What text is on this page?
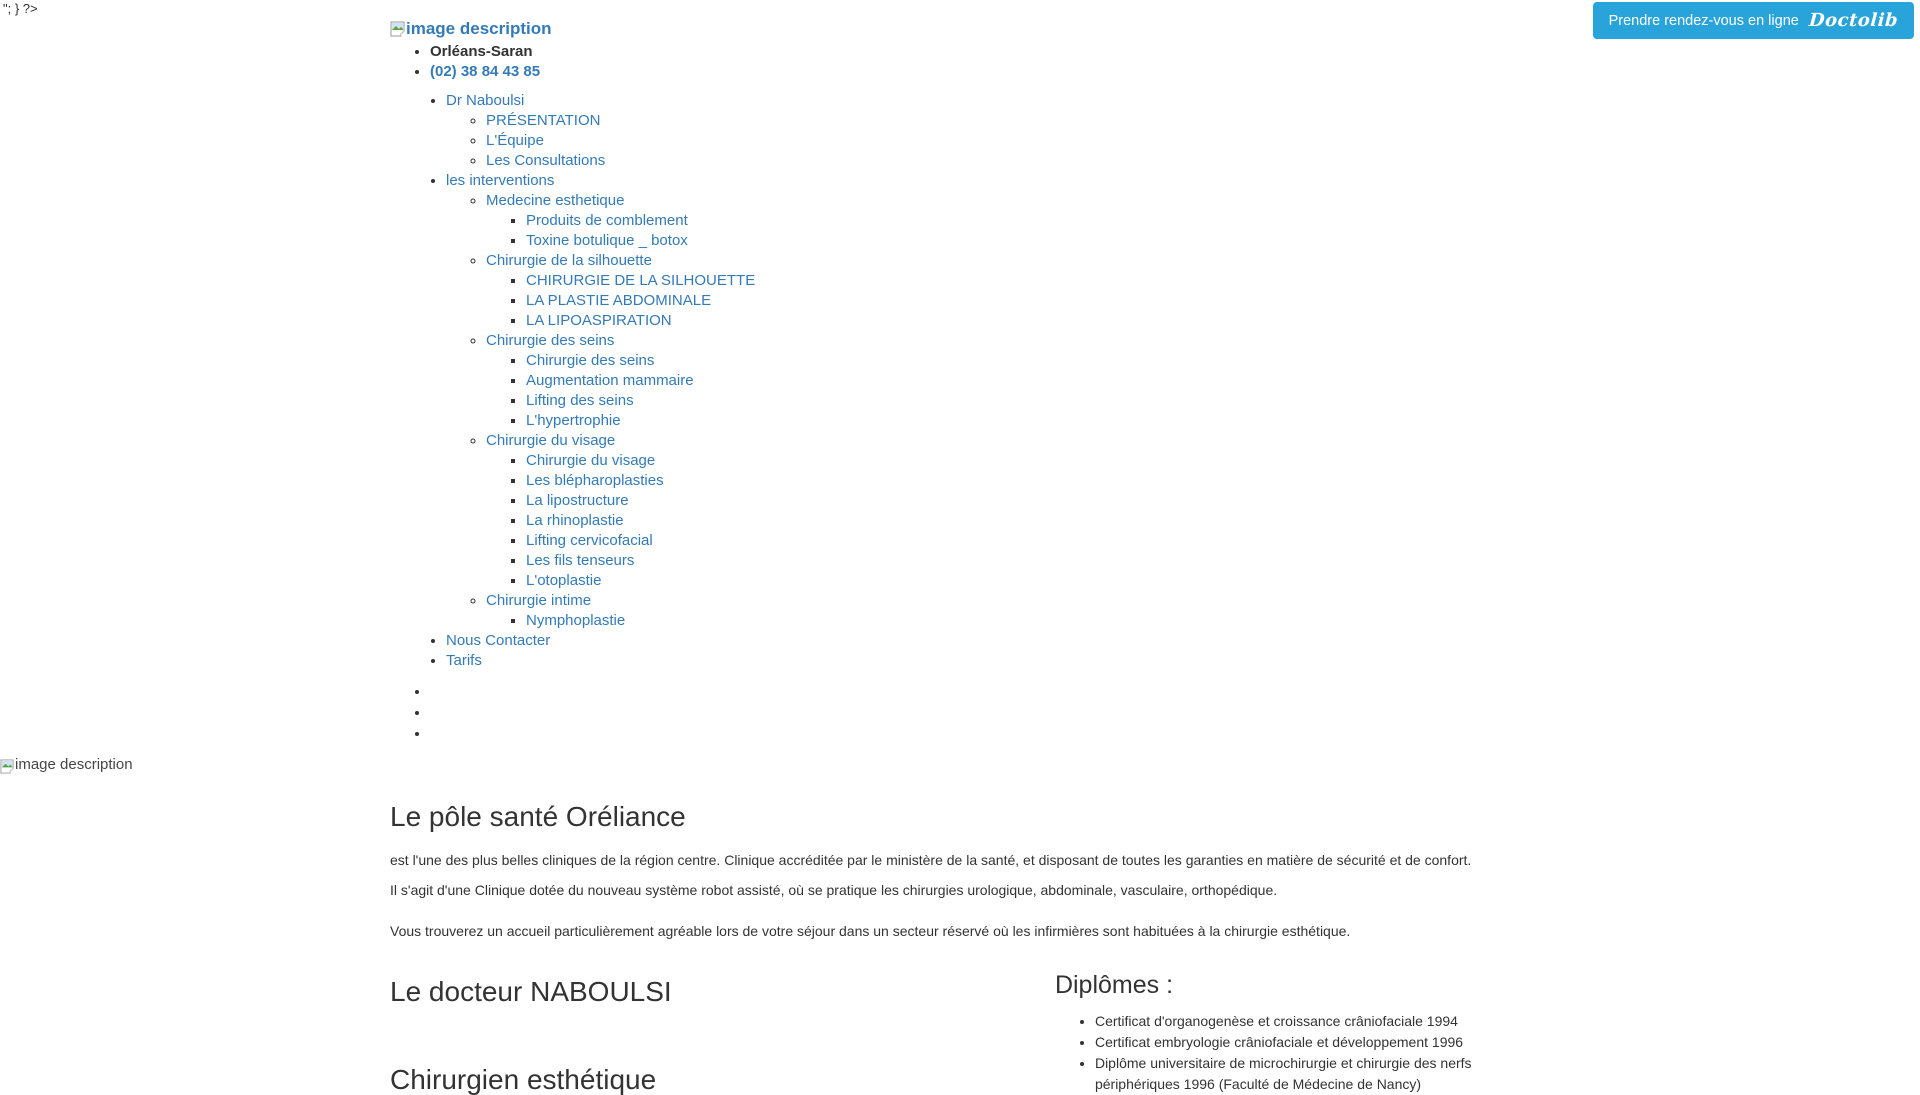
"; } ?>
Prendre rendez-vous en ligne Doctolib
image description
• Orléans-Saran
• (02) 38 84 43 85
• Dr Naboulsi
◦ PRÉSENTATION
◦ L'Équipe
◦ Les Consultations
• les interventions
◦ Medecine esthetique
▪ Produits de comblement
▪ Toxine botulique _ botox
◦ Chirurgie de la silhouette
▪ CHIRURGIE DE LA SILHOUETTE
▪ LA PLASTIE ABDOMINALE
▪ LA LIPOASPIRATION
◦ Chirurgie des seins
▪ Chirurgie des seins
▪ Augmentation mammaire
▪ Lifting des seins
▪ L'hypertrophie
◦ Chirurgie du visage
▪ Chirurgie du visage
▪ Les blépharoplasties
▪ La lipostructure
▪ La rhinoplastie
▪ Lifting cervicofacial
▪ Les fils tenseurs
▪ L'otoplastie
◦ Chirurgie intime
▪ Nymphoplastie
• Nous Contacter
• Tarifs
•
•
•
image description
Le pôle santé Oréliance

est l'une des plus belles cliniques de la région centre. Clinique accréditée par le ministère de la santé, et disposant de toutes les garanties en matière de sécurité et de confort.

Il s'agit d'une Clinique dotée du nouveau système robot assisté, où se pratique les chirurgies urologique, abdominale, vasculaire, orthopédique.

Vous trouverez un accueil particulièrement agréable lors de votre séjour dans un secteur réservé où les infirmières sont habituées à la chirurgie esthétique.

Le docteur NABOULSI
Chirurgien esthétique
Diplômes :
• Certificat d'organogenèse et croissance crâniofaciale 1994
• Certificat embryologie crâniofaciale et développement 1996
• Diplôme universitaire de microchirurgie et chirurgie des nerfs périphériques 1996 (Faculté de Médecine de Nancy)
